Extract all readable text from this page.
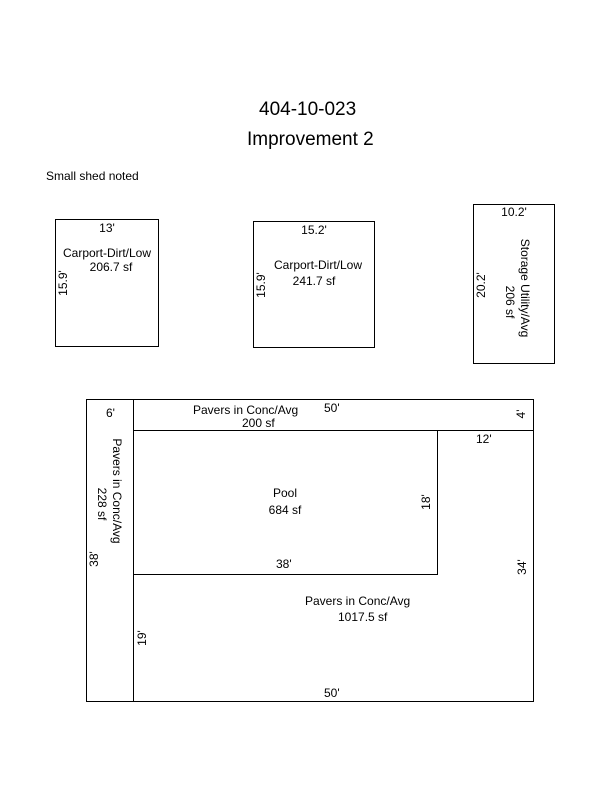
404-10-023
Improvement 2
Small shed noted
13'
Carport-Dirt/Low
206.7 sf
15.9'
15.2'
Carport-Dirt/Low
241.7 sf
15.9'
10.2'
20.2'	Storage Utility/Avg
206 sf
6'	Pavers in Conc/Avg
200 sf
50'	4'
Pavers in Conc/Avg
228 sf
38'
Pool
684 sf
38'
18'
12'
Pavers in Conc/Avg
1017.5 sf
19'
34'
50'
